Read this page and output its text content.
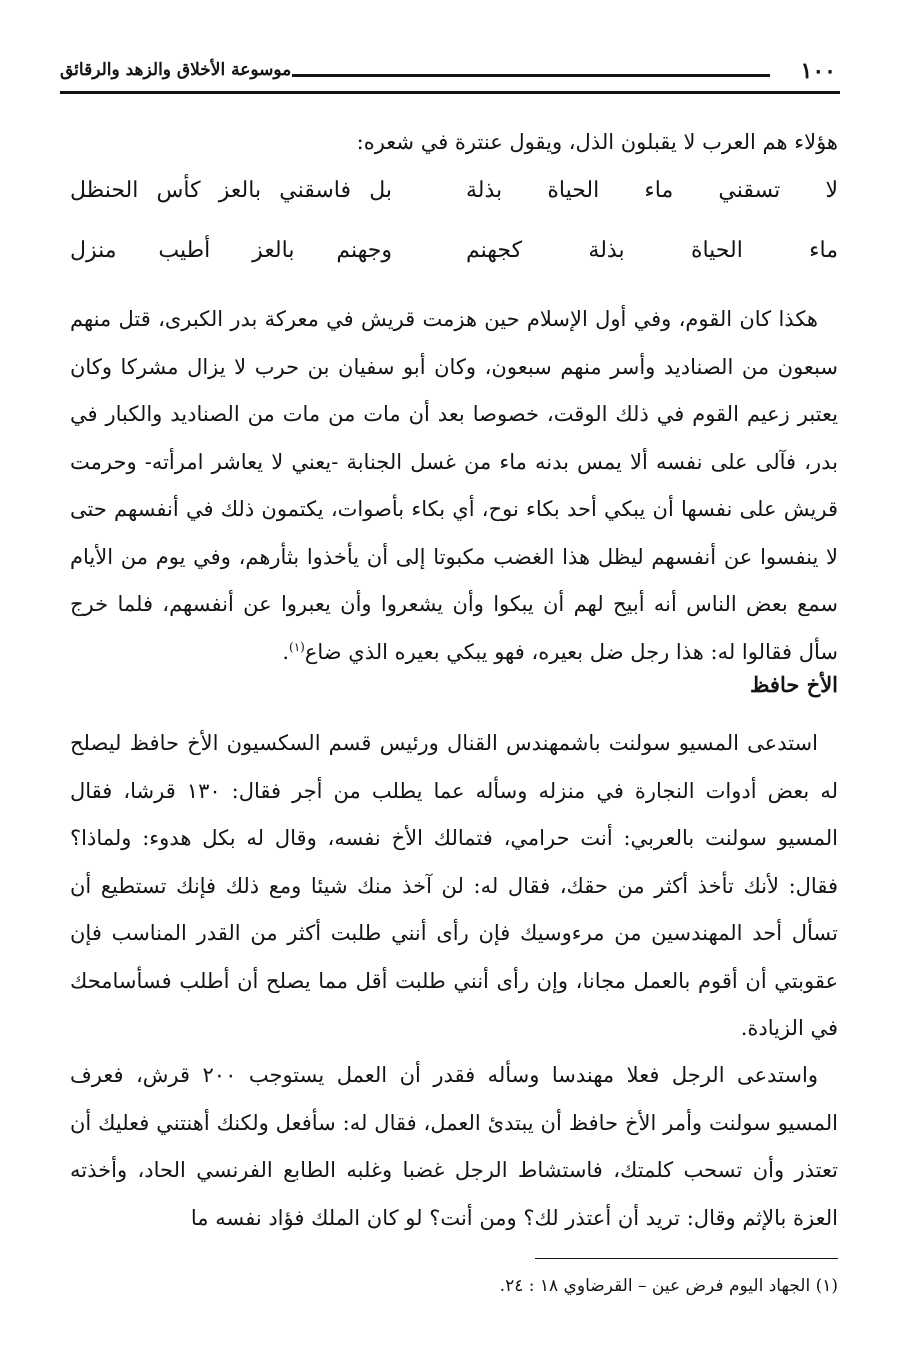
موسوعة الأخلاق والزهد والرقائق	١٠٠
هؤلاء هم العرب لا يقبلون الذل، ويقول عنترة في شعره:
لا تسقني ماء الحياة بذلة
بل فاسقني بالعز كأس الحنظل
ماء الحياة بذلة كجهنم
وجهنم بالعز أطيب منزل
هكذا كان القوم، وفي أول الإسلام حين هزمت قريش في معركة بدر الكبرى، قتل منهم سبعون من الصناديد وأسر منهم سبعون، وكان أبو سفيان بن حرب لا يزال مشركا وكان يعتبر زعيم القوم في ذلك الوقت، خصوصا بعد أن مات من مات من الصناديد والكبار في بدر، فآلى على نفسه ألا يمس بدنه ماء من غسل الجنابة -يعني لا يعاشر امرأته- وحرمت قريش على نفسها أن يبكي أحد بكاء نوح، أي بكاء بأصوات، يكتمون ذلك في أنفسهم حتى لا ينفسوا عن أنفسهم ليظل هذا الغضب مكبوتا إلى أن يأخذوا بثأرهم، وفي يوم من الأيام سمع بعض الناس أنه أبيح لهم أن يبكوا وأن يشعروا وأن يعبروا عن أنفسهم، فلما خرج سأل فقالوا له: هذا رجل ضل بعيره، فهو يبكي بعيره الذي ضاع$^{(١)}$.
الأخ حافظ
استدعى المسيو سولنت باشمهندس القنال ورئيس قسم السكسيون الأخ حافظ ليصلح له بعض أدوات النجارة في منزله وسأله عما يطلب من أجر فقال: ١٣٠ قرشا، فقال المسيو سولنت بالعربي: أنت حرامي، فتمالك الأخ نفسه، وقال له بكل هدوء: ولماذا؟ فقال: لأنك تأخذ أكثر من حقك، فقال له: لن آخذ منك شيئا ومع ذلك فإنك تستطيع أن تسأل أحد المهندسين من مرءوسيك فإن رأى أنني طلبت أكثر من القدر المناسب فإن عقوبتي أن أقوم بالعمل مجانا، وإن رأى أنني طلبت أقل مما يصلح أن أطلب فسأسامحك في الزيادة.
واستدعى الرجل فعلا مهندسا وسأله فقدر أن العمل يستوجب ٢٠٠ قرش، فعرف المسيو سولنت وأمر الأخ حافظ أن يبتدئ العمل، فقال له: سأفعل ولكنك أهنتني فعليك أن تعتذر وأن تسحب كلمتك، فاستشاط الرجل غضبا وغلبه الطابع الفرنسي الحاد، وأخذته العزة بالإثم وقال: تريد أن أعتذر لك؟ ومن أنت؟ لو كان الملك فؤاد نفسه ما
(١) الجهاد اليوم فرض عين – القرضاوي ١٨ : ٢٤.
